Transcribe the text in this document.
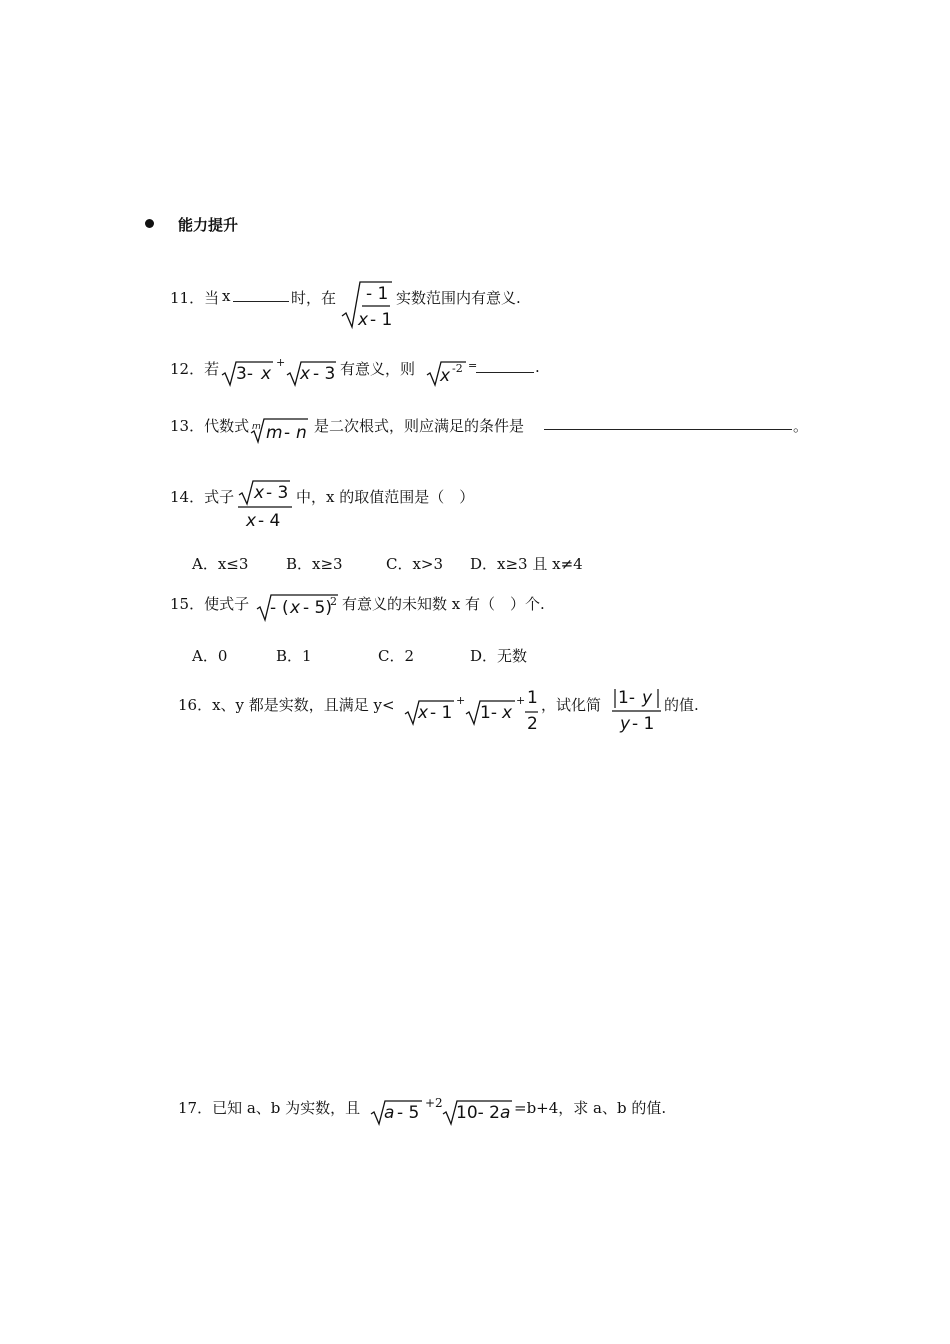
能力提升
11．当 x	时，在 - 1
x - 1
实数范围内有意义.
12．若 3- x
+
x - 3 有意义，则 x -2 =	.
13．代数式 m m - n 是二次根式，则应满足的条件是	。
14．式子 x - 3
x - 4
中，x 的取值范围是（　）
A．x≤3	B．x≥3	C．x>3 D．x≥3 且 x≠4
15．使式子 - ( x - 5)
2 有意义的未知数 x 有（　）个.
A．0	B．1	C．2	D．无数
16．x、y 都是实数，且满足 y< x - 1
+
1- x
+ 1
2
，试化简 1- y
y - 1
的值.
17．已知 a、b 为实数，且 a - 5 +2 10- 2 a =b+4，求 a、b 的值.
